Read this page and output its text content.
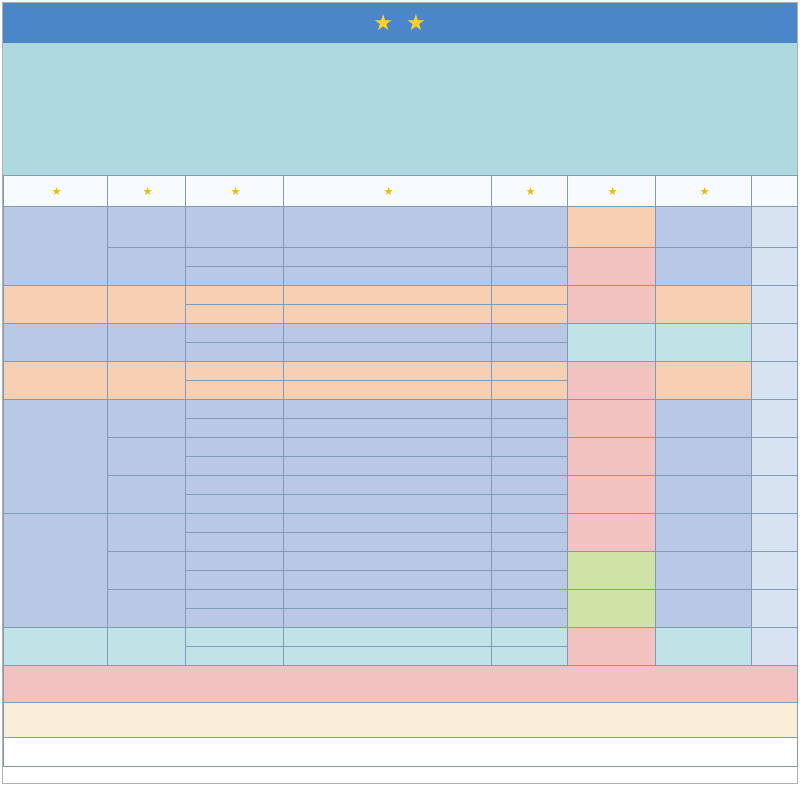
★ ★
★	★	★	★	★	★	★	
